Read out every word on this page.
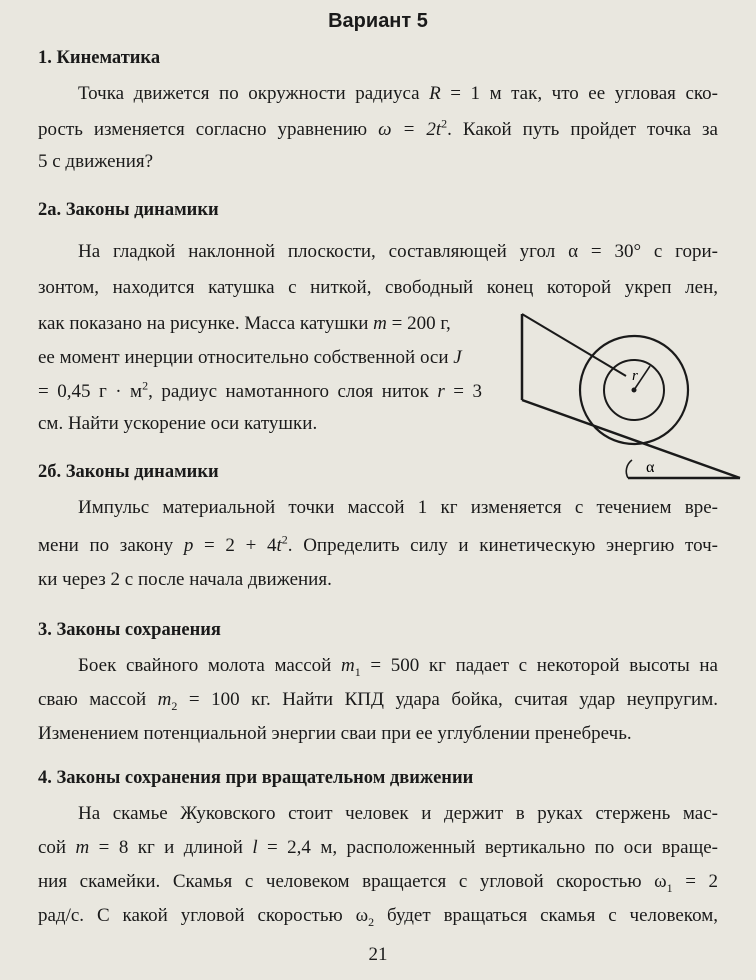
Вариант 5
1. Кинематика
Точка движется по окружности радиуса R = 1 м так, что ее угловая ско-
рость изменяется согласно уравнению $\omega = 2t^2$. Какой путь пройдет точка за
5 с движения?
2а. Законы динамики
На гладкой наклонной плоскости, составляющей угол α = 30° с гори-
зонтом, находится катушка с ниткой, свободный конец которой укреп лен,
как показано на рисунке. Масса катушки m = 200 г,
ее момент инерции относительно собственной оси J
= 0,45 $г \cdot м^2$, радиус намотанного слоя ниток r = 3
см. Найти ускорение оси катушки.
r
α
2б. Законы динамики
Импульс материальной точки массой 1 кг изменяется с течением вре-
мени по закону $p = 2 + 4t^2$. Определить силу и кинетическую энергию точ-
ки через 2 с после начала движения.
3. Законы сохранения
Боек свайного молота массой $m_1 = 500$ кг падает с некоторой высоты на
сваю массой $m_2 = 100$ кг. Найти КПД удара бойка, считая удар неупругим.
Изменением потенциальной энергии сваи при ее углублении пренебречь.
4. Законы сохранения при вращательном движении
На скамье Жуковского стоит человек и держит в руках стержень мас-
сой m = 8 кг и длиной l = 2,4 м, расположенный вертикально по оси враще-
ния скамейки. Скамья с человеком вращается с угловой скоростью $\omega_1 = 2$
рад/с. С какой угловой скоростью $\omega_2$ будет вращаться скамья с человеком,
21
